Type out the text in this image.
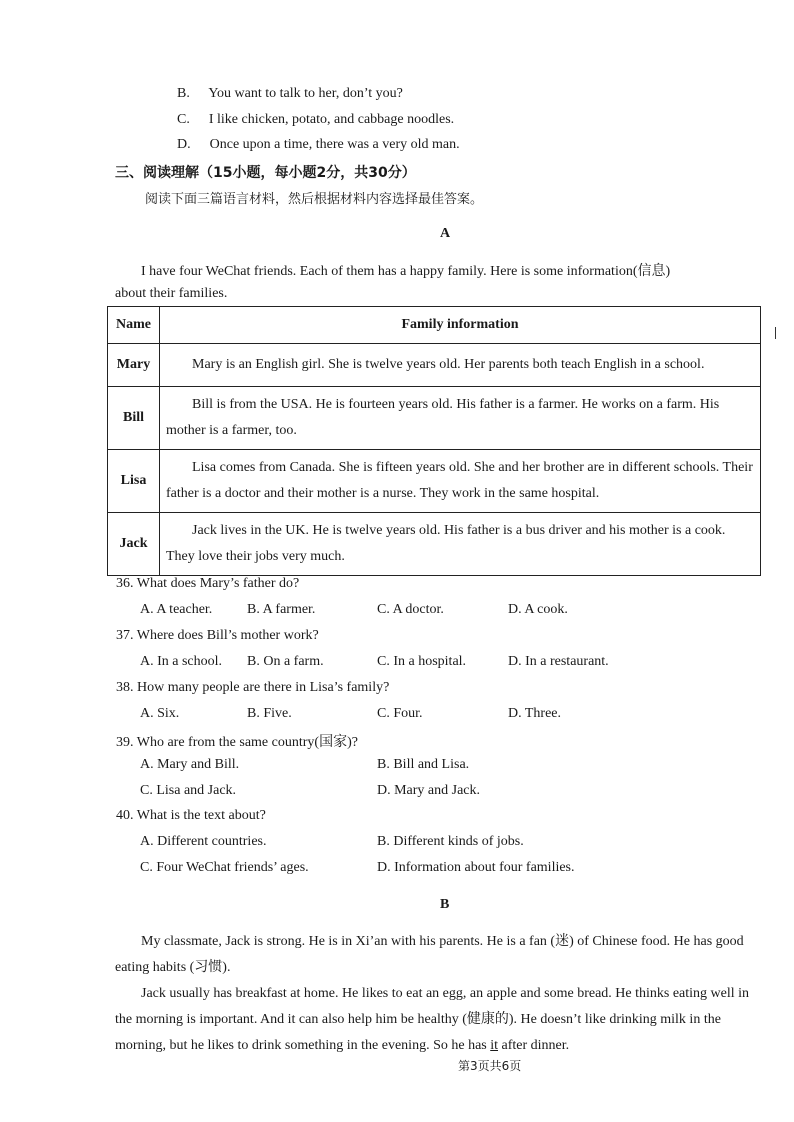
B. You want to talk to her, don’t you?
C. I like chicken, potato, and cabbage noodles.
D. Once upon a time, there was a very old man.
三、阅读理解（15小题，每小题2分，共30分）
阅读下面三篇语言材料，然后根据材料内容选择最佳答案。
A
I have four WeChat friends. Each of them has a happy family. Here is some information(信息)
about their families.
Name	Family information
Mary	Mary is an English girl. She is twelve years old. Her parents both teach English in a school.
Bill	Bill is from the USA. He is fourteen years old. His father is a farmer. He works on a farm. His mother is a farmer, too.
Lisa	Lisa comes from Canada. She is fifteen years old. She and her brother are in different schools. Their father is a doctor and their mother is a nurse. They work in the same hospital.
Jack	Jack lives in the UK. He is twelve years old. His father is a bus driver and his mother is a cook. They love their jobs very much.
36. What does Mary’s father do?
A. A teacher. B. A farmer.	C. A doctor.	D. A cook.
37. Where does Bill’s mother work?
A. In a school. B. On a farm.	C. In a hospital.	D. In a restaurant.
38. How many people are there in Lisa’s family?
A. Six.	B. Five.	C. Four.	D. Three.
39. Who are from the same country(国家)?
A. Mary and Bill.	B. Bill and Lisa.
C. Lisa and Jack.	D. Mary and Jack.
40. What is the text about?
A. Different countries.	B. Different kinds of jobs.
C. Four WeChat friends’ ages.	D. Information about four families.
B
My classmate, Jack is strong. He is in Xi’an with his parents. He is a fan (迷) of Chinese food. He has good eating habits (习惯).
Jack usually has breakfast at home. He likes to eat an egg, an apple and some bread. He thinks eating well in the morning is important. And it can also help him be healthy (健康的). He doesn’t like drinking milk in the morning, but he likes to drink something in the evening. So he has it after dinner.
第3页共6页
